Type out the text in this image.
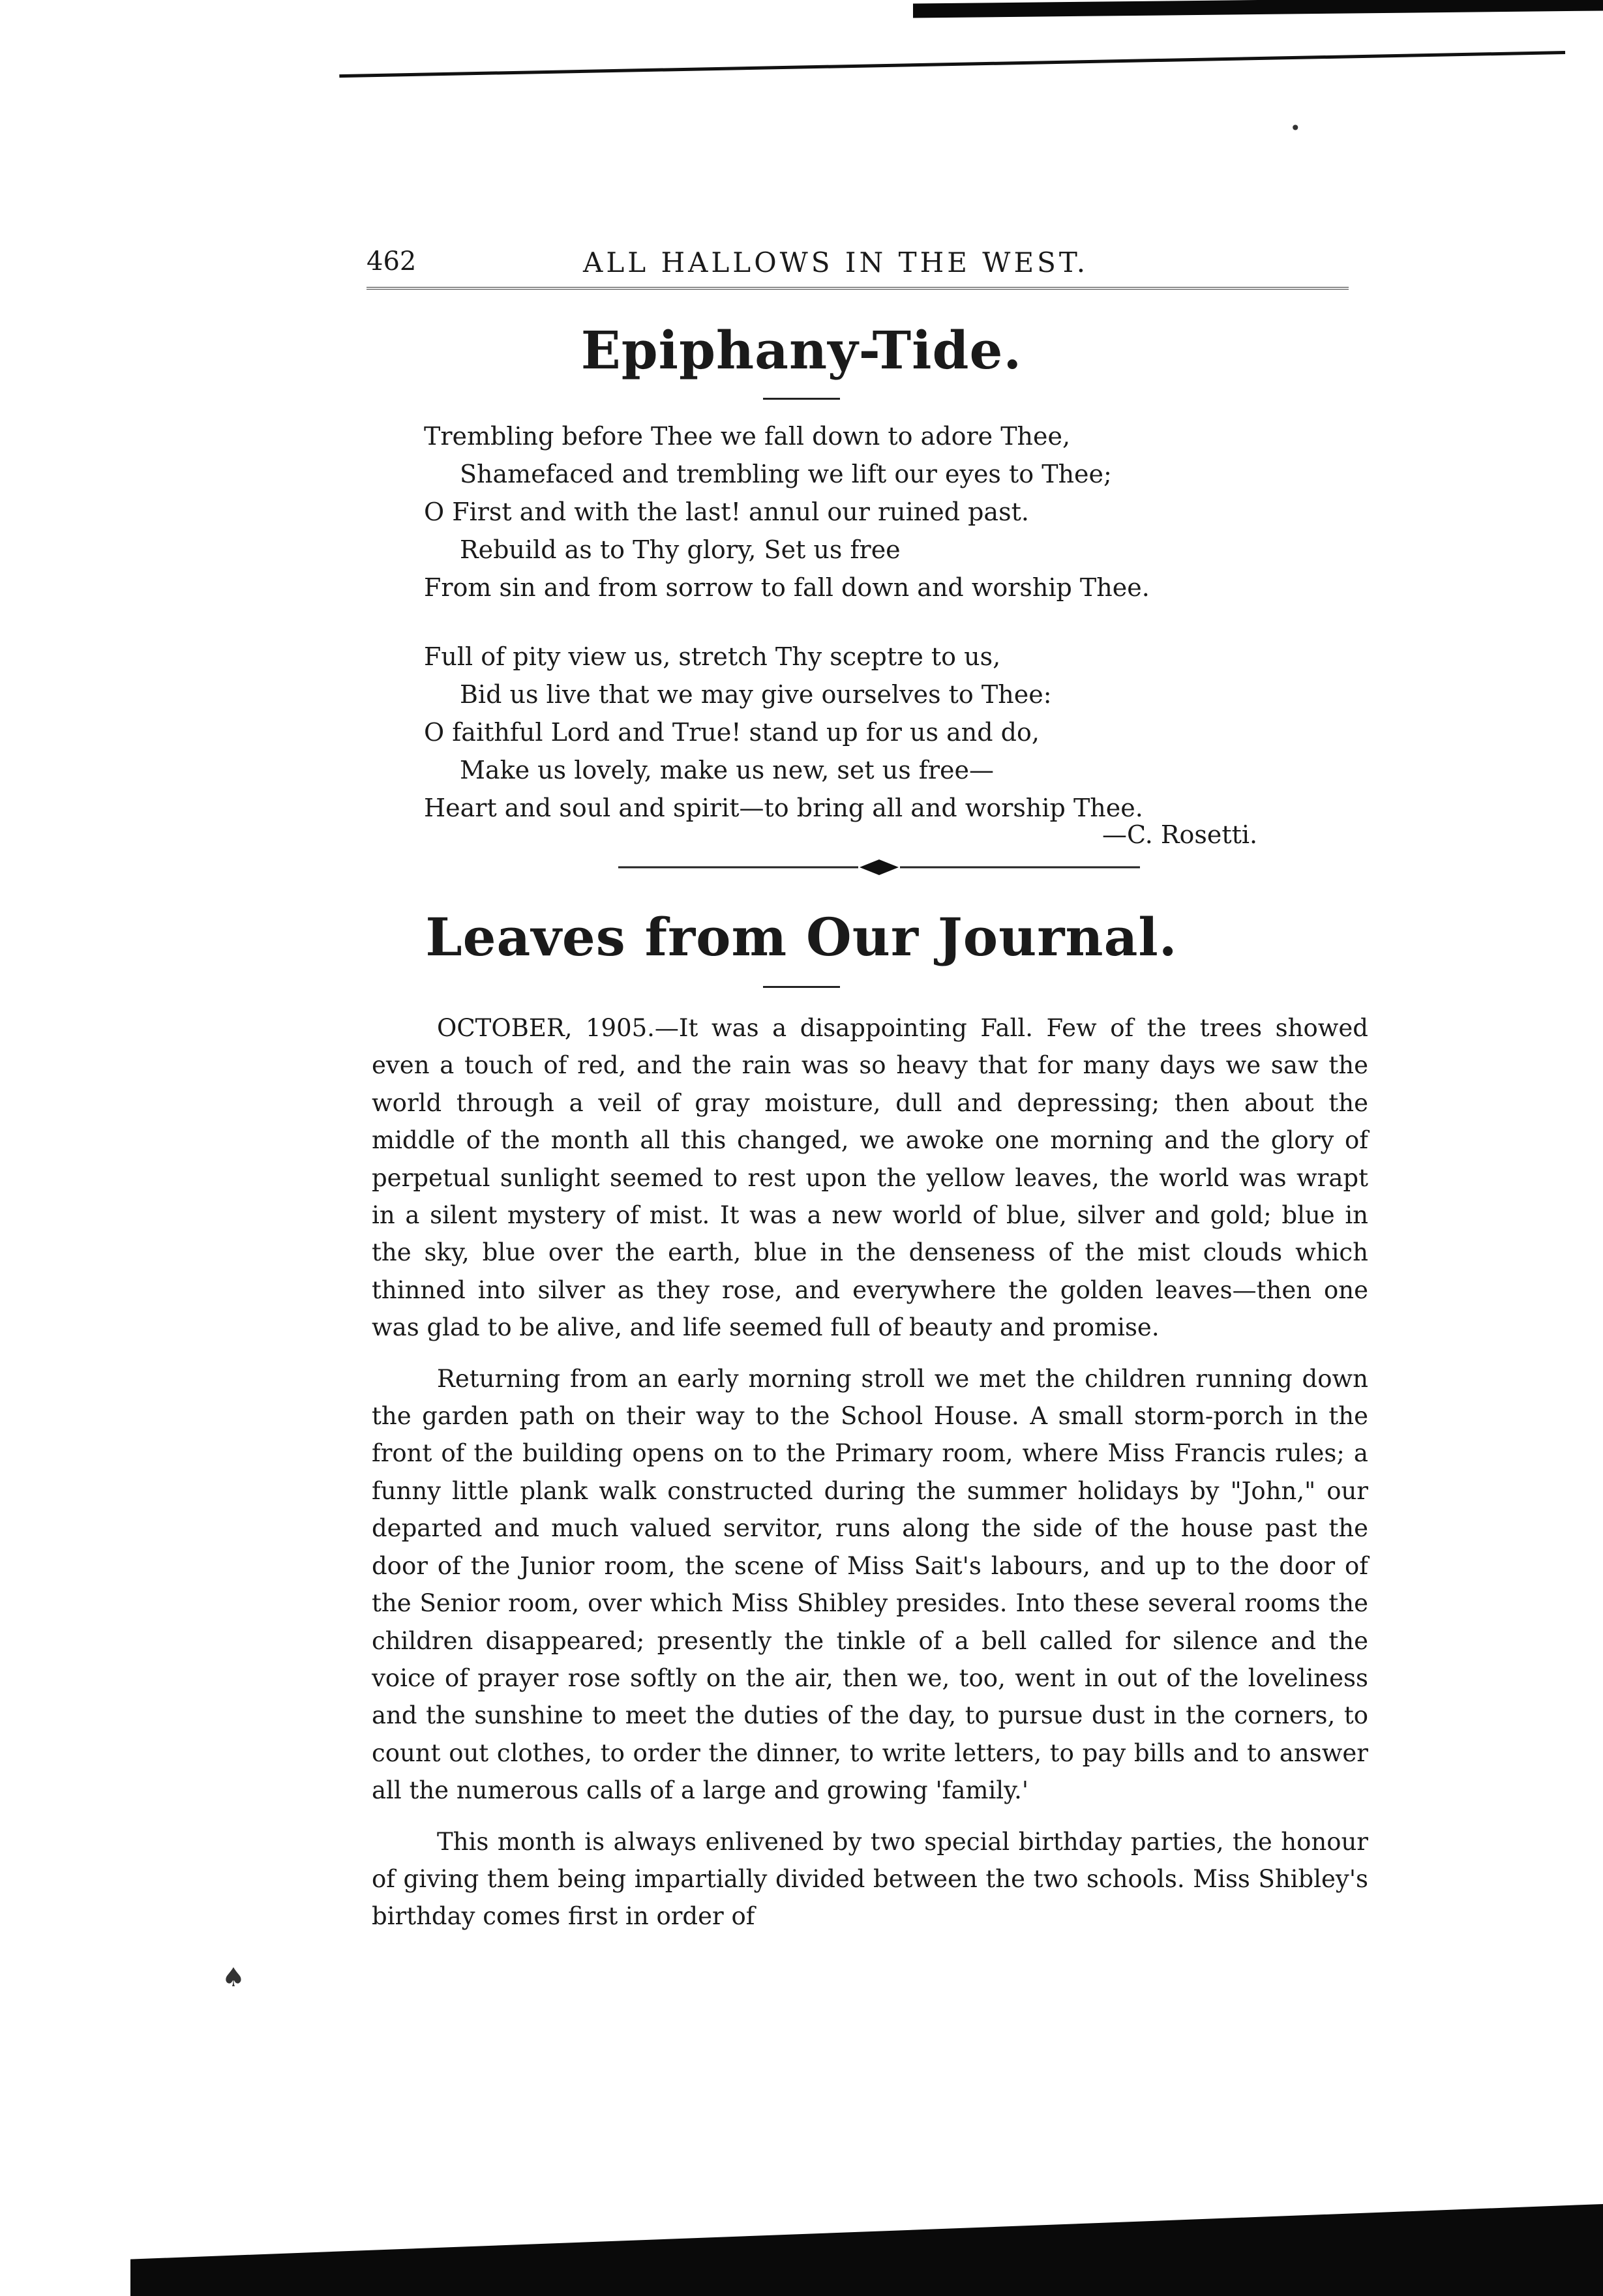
462	ALL HALLOWS IN THE WEST.
Epiphany-Tide.
Trembling before Thee we fall down to adore Thee,
Shamefaced and trembling we lift our eyes to Thee;
O First and with the last! annul our ruined past.
Rebuild as to Thy glory, Set us free
From sin and from sorrow to fall down and worship Thee.
Full of pity view us, stretch Thy sceptre to us,
Bid us live that we may give ourselves to Thee:
O faithful Lord and True! stand up for us and do,
Make us lovely, make us new, set us free—
Heart and soul and spirit—to bring all and worship Thee.
—C. Rosetti.
Leaves from Our Journal.

OCTOBER, 1905.—It was a disappointing Fall. Few of the trees showed even a touch of red, and the rain was so heavy that for many days we saw the world through a veil of gray moisture, dull and depressing; then about the middle of the month all this changed, we awoke one morning and the glory of perpetual sunlight seemed to rest upon the yellow leaves, the world was wrapt in a silent mystery of mist. It was a new world of blue, silver and gold; blue in the sky, blue over the earth, blue in the denseness of the mist clouds which thinned into silver as they rose, and everywhere the golden leaves—then one was glad to be alive, and life seemed full of beauty and promise.

Returning from an early morning stroll we met the children running down the garden path on their way to the School House. A small storm-porch in the front of the building opens on to the Primary room, where Miss Francis rules; a funny little plank walk constructed during the summer holidays by "John," our departed and much valued servitor, runs along the side of the house past the door of the Junior room, the scene of Miss Sait's labours, and up to the door of the Senior room, over which Miss Shibley presides. Into these several rooms the children disappeared; presently the tinkle of a bell called for silence and the voice of prayer rose softly on the air, then we, too, went in out of the loveliness and the sunshine to meet the duties of the day, to pursue dust in the corners, to count out clothes, to order the dinner, to write letters, to pay bills and to answer all the numerous calls of a large and growing 'family.'

This month is always enlivened by two special birthday parties, the honour of giving them being impartially divided between the two schools. Miss Shibley's birthday comes first in order of

•
♠
